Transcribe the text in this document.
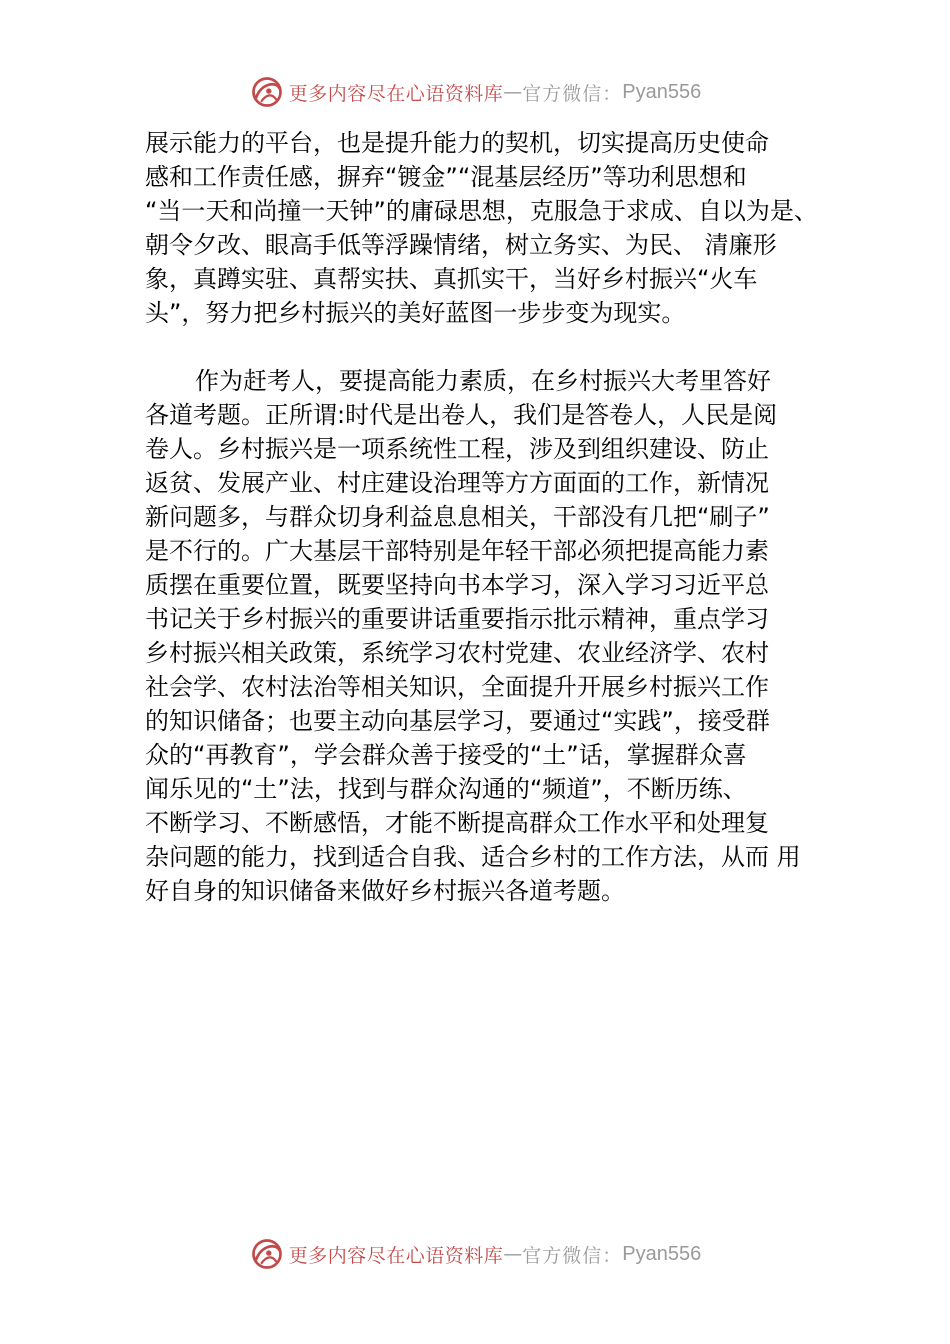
更多内容尽在心语资料库 — 官方微信： Pyan556

展示能力的平台，也是提升能力的契机，切实提高历史使命
感和工作责任感，摒弃“镀金”“混基层经历”等功利思想和
“当一天和尚撞一天钟”的庸碌思想，克服急于求成、自以为是、
朝令夕改、眼高手低等浮躁情绪，树立务实、为民、 清廉形
象，真蹲实驻、真帮实扶、真抓实干，当好乡村振兴“火车
头”，努力把乡村振兴的美好蓝图一步步变为现实。

作为赶考人，要提高能力素质，在乡村振兴大考里答好
各道考题。正所谓:时代是出卷人，我们是答卷人，人民是阅
卷人。乡村振兴是一项系统性工程，涉及到组织建设、防止
返贫、发展产业、村庄建设治理等方方面面的工作，新情况
新问题多，与群众切身利益息息相关，干部没有几把“刷子”
是不行的。广大基层干部特别是年轻干部必须把提高能力素
质摆在重要位置，既要坚持向书本学习，深入学习习近平总
书记关于乡村振兴的重要讲话重要指示批示精神，重点学习
乡村振兴相关政策，系统学习农村党建、农业经济学、农村
社会学、农村法治等相关知识，全面提升开展乡村振兴工作
的知识储备；也要主动向基层学习，要通过“实践”，接受群
众的“再教育”，学会群众善于接受的“土”话，掌握群众喜
闻乐见的“土”法，找到与群众沟通的“频道”，不断历练、
不断学习、不断感悟，才能不断提高群众工作水平和处理复
杂问题的能力，找到适合自我、适合乡村的工作方法，从而 用
好自身的知识储备来做好乡村振兴各道考题。

更多内容尽在心语资料库 — 官方微信： Pyan556
